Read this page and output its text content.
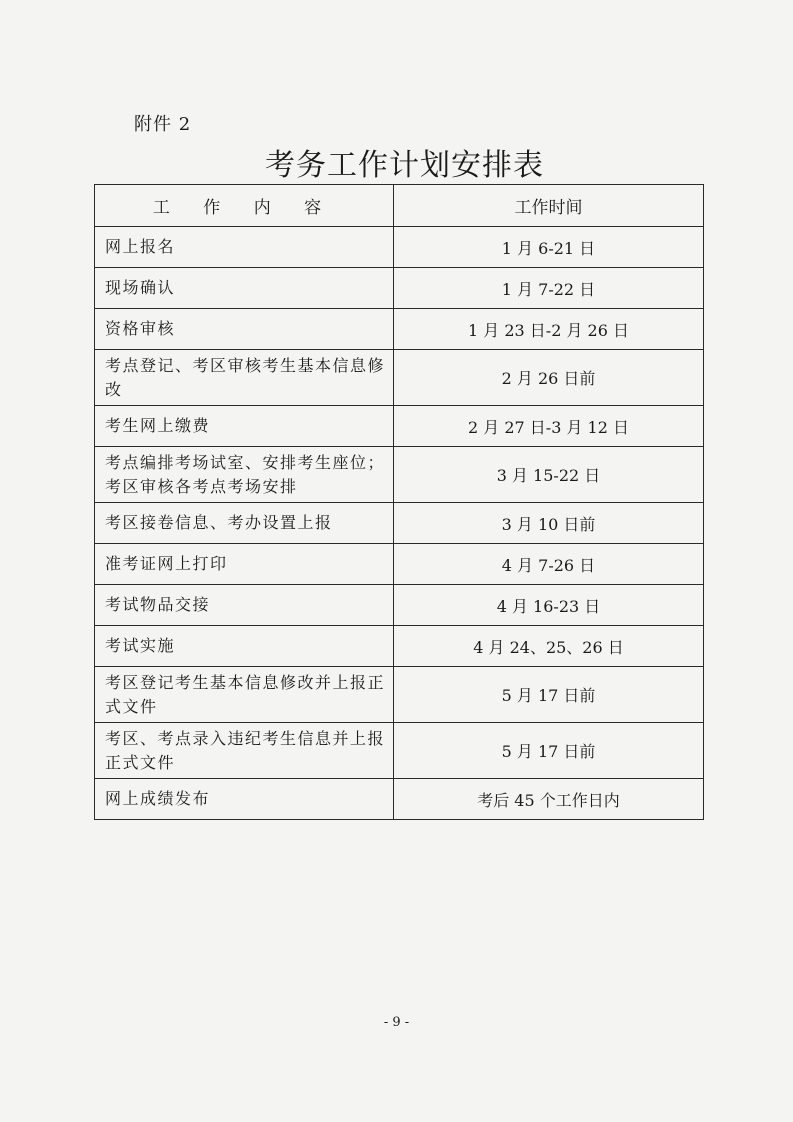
附件 2
考务工作计划安排表
工 作 内 容	工作时间
网上报名	1 月 6-21 日
现场确认	1 月 7-22 日
资格审核	1 月 23 日-2 月 26 日
考点登记、考区审核考生基本信息修改	2 月 26 日前
考生网上缴费	2 月 27 日-3 月 12 日
考点编排考场试室、安排考生座位；考区审核各考点考场安排	3 月 15-22 日
考区接卷信息、考办设置上报	3 月 10 日前
准考证网上打印	4 月 7-26 日
考试物品交接	4 月 16-23 日
考试实施	4 月 24、25、26 日
考区登记考生基本信息修改并上报正式文件	5 月 17 日前
考区、考点录入违纪考生信息并上报正式文件	5 月 17 日前
网上成绩发布	考后 45 个工作日内
- 9 -
